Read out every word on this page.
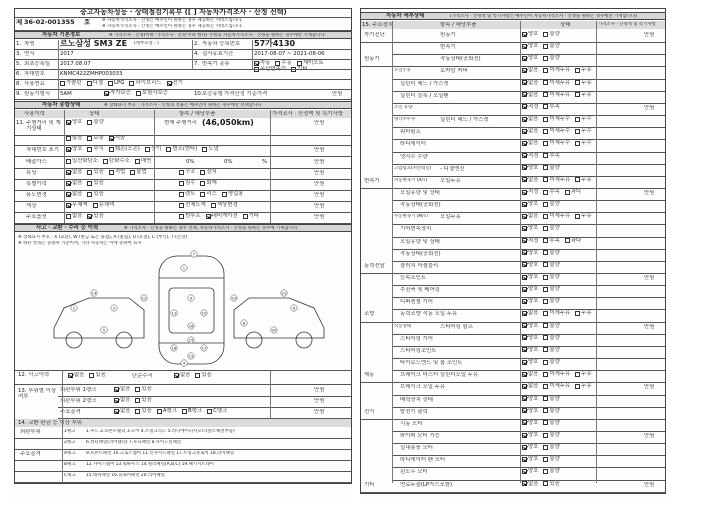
중고자동차성능 · 상태점검기록부 ([ ] 자동차가격조사 · 산정 선택)
제 36-02-001355 호	※ 자동차가격조사 · 산정은 매수인이 원하는 경우 제공하는 서비스입니다.
※ 자동차가격조사 · 산정은 매수인이 원하는 경우 제공하는 서비스입니다.
자동차 기본정보	※ 가격조사 · 산정(이하 '가격조사 · 산정'이라 한다) 주원의 자동차가격조사 · 산정을 원하는 경우에만 기재합니다.
1. 차명	르노삼성 SM3 ZE (세부모델 : )	2. 자동차 등록번호 57가4130
3. 연식	2017	4. 검사유효기간	2017-08-07 ~ 2021-08-06
5. 최초등록일 2017.08.07	7. 변속기 종류	자동 수동 세미오토
무단변속기 기타
6. 차대번호	KNMC422ZMHP003033
8. 사용연료	가솔린 디젤 LPG 하이브리드 전기
9. 원동기형식 5AM	10. 보증유형
자가보증 보험사보증	가격산정 기준가격	만원
자동차 종합상태	※ 상태표시 부호 : 가격조사 · 산정의 적용은 매수인이 원하는 경우에만 선택합니다
사용이력	상태	항목 / 해당부품	가격조사 · 산정액 및 특기사항
11. 주행거리 및 계기상태
양호 불량	현재 주행거리 (46,050km)	만원
많음 보통 적음
차대번호 표기	양호 부식 훼손(오손) 상이 변조(변타) 도말	만원
배출가스	일산화탄소 탄화수소 매연	0%	0%	%	만원
튜닝	없음 있음 적법 불법	구조 장치	만원
특별이력	없음 있음	침수 화재	만원
용도변경	없음 있음	렌트 리스 영업용	만원
색상	무채색 유채색	전체도색 색상변경	만원
주요옵션	없음 있음	썬루프 네비게이션 기타	만원
사고 · 교환 · 수리 등 이력	※ 가격조사 · 산정을 원하는 경우 선택, 자동차가격조사 · 산정을 원하는 경우에 기재합니다.
※ 상태표시 부호 : X (교환), W (판금 또는 용접), A (흠집), U (요철), C (부식), T (손상)
※ 하단 항목은 승용차 기준이며, 기타 자동차는 이에 준하여 표시
1
2	3
4
5
6
7
8
9
10
11
12	13
14
15
16
17
18
19
20
21
12. 사고이력	없음 있음	단순수리	없음 있음
13. 부위별 이상여부
외판부위 1랭크	없음 있음	만원
외판부위 2랭크	없음 있음	만원
주요골격	없음 있음 A랭크 B랭크 C랭크	만원
14. 교환 판금 등 이상 부위
외판부위	1랭크 1.후드 2.프론트휀더 3.도어 4.트렁크리드 5.라디에이터서포트(볼트체결부품)
2랭크 6.쿼터패널(리어휀더) 7.루프패널 8.사이드실패널
주요골격	A랭크 9.프론트패널 10.크로스멤버 11.인사이드패널 17.트렁크플로어 18.리어패널
B랭크 12.사이드멤버 13.휠하우스 14.필러패널(A,B,C) 19.패키지트레이
C랭크 15.대쉬패널 16.플로어패널 20.리어패널
자동차 세부상태	(가격조사 · 산정액 및 특기사항은 매수인이 자동차가격조사 · 산정을 원하는 경우에만 기재합니다)
15. 주요장치	항목 / 해당부품	상태	가격조사 · 산정액 및 특기사항
자기진단	원동기	양호 불량	만원
변속기	양호 불량
원동기	작동상태(공회전)	양호 불량
오일누유	로커암 커버	없음 미세누유 누유
실린더 헤드 / 가스켓	없음 미세누유 누유
실린더 블록 / 오일팬	없음 미세누유 누유
오일 유량	적정 부족	만원
냉각수누수	실린더 헤드 / 가스켓	없음 미세누수 누수
워터펌프	없음 미세누수 누수
라디에이터	없음 미세누수 누수
냉각수 수량	적정 부족
고압펌프(커먼레일)	- 디젤엔진	양호 불량
변속기	자동변속기 (A/T)	오일누유	없음 미세누유 누유
오일유량 및 상태	적정 부족 과다	만원
작동상태(공회전)	양호 불량
수동변속기 (M/T)	오일누유	없음 미세누유 누유
기어변속장치	양호 불량
오일유량 및 상태	적정 부족 과다
작동상태(공회전)	양호 불량
동력전달	클러치 어셈블리	양호 불량
등속조인트	양호 불량	만원
추진축 및 베어링	양호 불량
디퍼렌셜 기어	양호 불량
조향	동력조향 작동 오일 누유	없음 미세누유 누유
작동상태	스티어링 펌프	양호 불량	만원
스티어링 기어	양호 불량
스티어링조인트	양호 불량
타이로드엔드 및 볼 조인트	양호 불량
제동	브레이크 마스터 실린더오일 누유	없음 미세누유 누유
브레이크 오일 누유	없음 미세누유 누유	만원
배력장치 상태	양호 불량
전기	발전기 출력	양호 불량
시동 모터	양호 불량
와이퍼 모터 기능	양호 불량	만원
실내송풍 모터	양호 불량
라디에이터 팬 모터	양호 불량
윈도우 모터	양호 불량
기타	연료누출(LP가스포함)	없음 있음	만원
